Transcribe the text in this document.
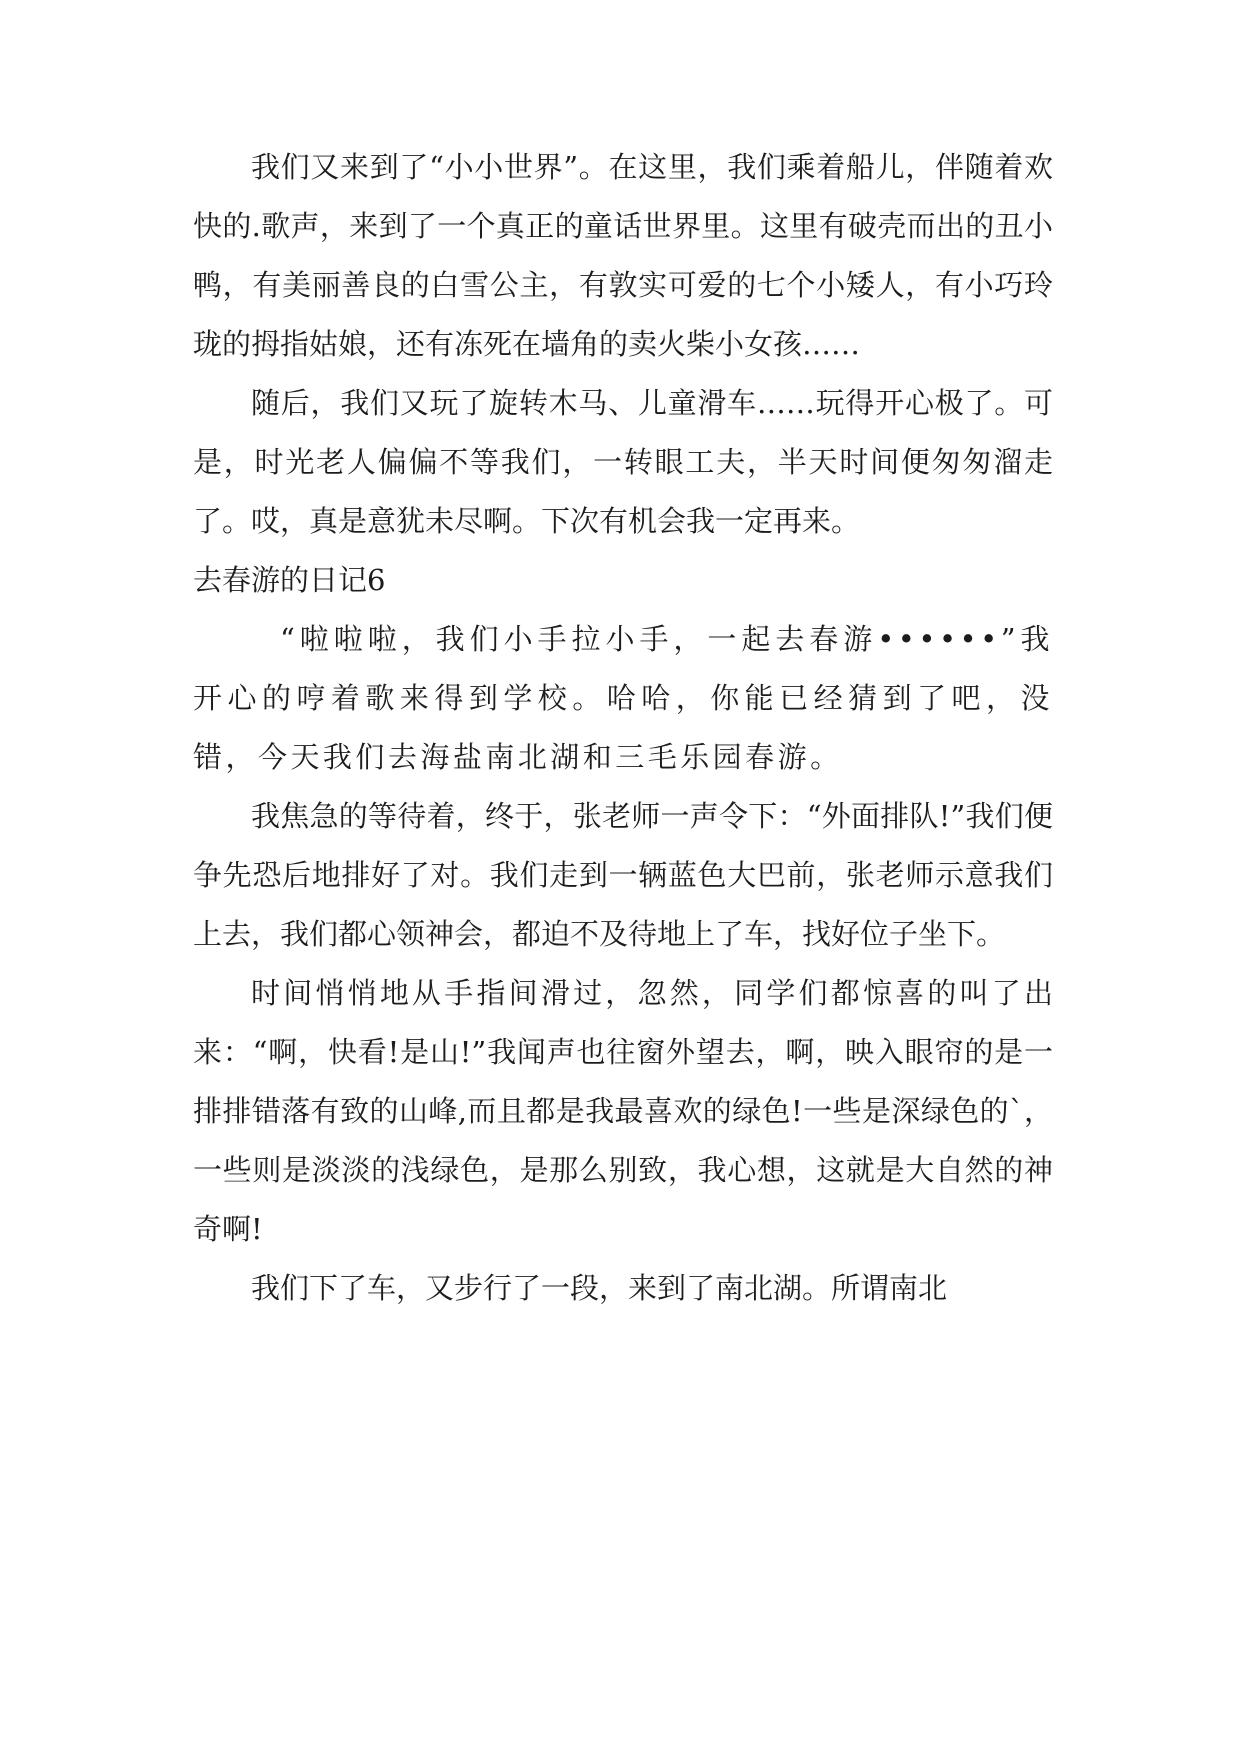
我们又来到了“小小世界”。在这里，我们乘着船儿，伴随着欢快的.歌声，来到了一个真正的童话世界里。这里有破壳而出的丑小鸭，有美丽善良的白雪公主，有敦实可爱的七个小矮人，有小巧玲珑的拇指姑娘，还有冻死在墙角的卖火柴小女孩……

随后，我们又玩了旋转木马、儿童滑车……玩得开心极了。可是，时光老人偏偏不等我们，一转眼工夫，半天时间便匆匆溜走了。哎，真是意犹未尽啊。下次有机会我一定再来。

去春游的日记6

“啦啦啦，我们小手拉小手，一起去春游••••••”我开心的哼着歌来得到学校。哈哈，你能已经猜到了吧，没错，今天我们去海盐南北湖和三毛乐园春游。

我焦急的等待着，终于，张老师一声令下：“外面排队!”我们便争先恐后地排好了对。我们走到一辆蓝色大巴前，张老师示意我们上去，我们都心领神会，都迫不及待地上了车，找好位子坐下。

时间悄悄地从手指间滑过，忽然，同学们都惊喜的叫了出来：“啊，快看!是山!”我闻声也往窗外望去，啊，映入眼帘的是一排排错落有致的山峰,而且都是我最喜欢的绿色!一些是深绿色的`，一些则是淡淡的浅绿色，是那么别致，我心想，这就是大自然的神奇啊!

我们下了车，又步行了一段，来到了南北湖。所谓南北
